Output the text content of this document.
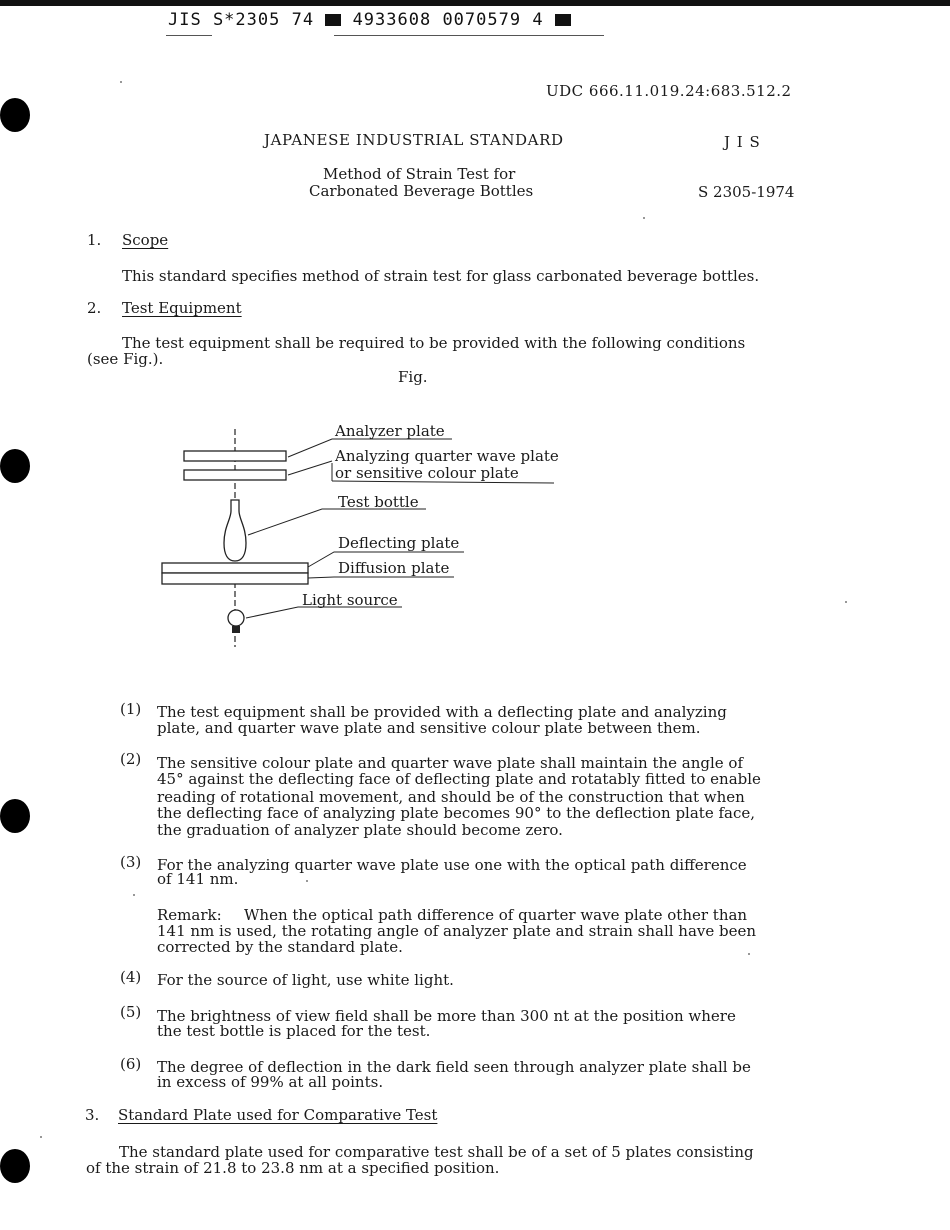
JIS S*2305 74 4933608 0070579 4
UDC 666.11.019.24:683.512.2
JAPANESE INDUSTRIAL STANDARD	J I S
Method of Strain Test for
Carbonated Beverage Bottles	S 2305-1974
1. Scope
This standard specifies method of strain test for glass carbonated beverage bottles.
2. Test Equipment
The test equipment shall be required to be provided with the following conditions
(see Fig.).
Fig.
Analyzer plate
Analyzing quarter wave plate
or sensitive colour plate
Test bottle
Deflecting plate
Diffusion plate
Light source
(1) The test equipment shall be provided with a deflecting plate and analyzing
plate, and quarter wave plate and sensitive colour plate between them.
(2) The sensitive colour plate and quarter wave plate shall maintain the angle of
45° against the deflecting face of deflecting plate and rotatably fitted to enable
reading of rotational movement, and should be of the construction that when
the deflecting face of analyzing plate becomes 90° to the deflection plate face,
the graduation of analyzer plate should become zero.
(3) For the analyzing quarter wave plate use one with the optical path difference
of 141 nm.
Remark: When the optical path difference of quarter wave plate other than
141 nm is used, the rotating angle of analyzer plate and strain shall have been
corrected by the standard plate.
(4) For the source of light, use white light.
(5) The brightness of view field shall be more than 300 nt at the position where
the test bottle is placed for the test.
(6) The degree of deflection in the dark field seen through analyzer plate shall be
in excess of 99% at all points.
3. Standard Plate used for Comparative Test
The standard plate used for comparative test shall be of a set of 5 plates consisting
of the strain of 21.8 to 23.8 nm at a specified position.
